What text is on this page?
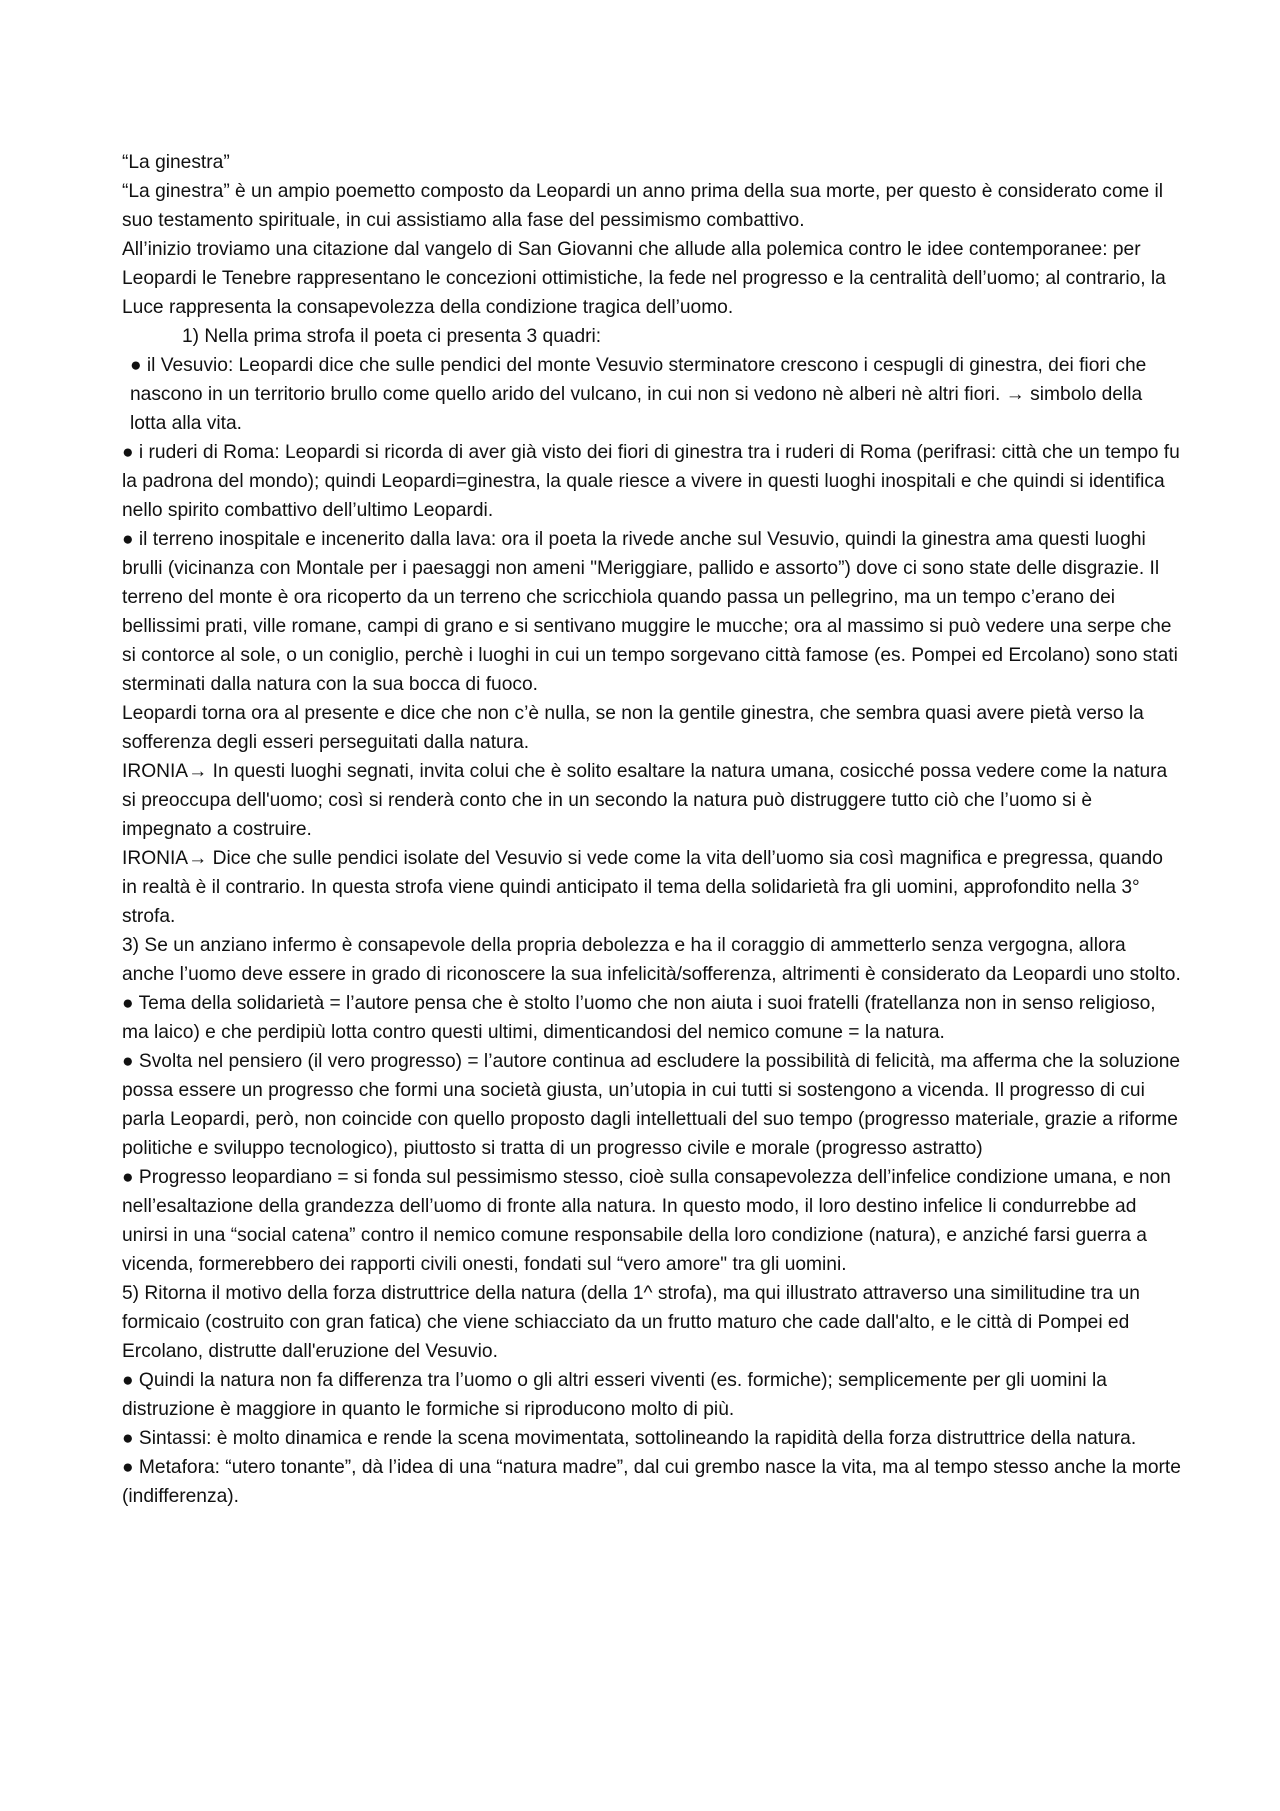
“La ginestra”

“La ginestra” è un ampio poemetto composto da Leopardi un anno prima della sua morte, per questo è considerato come il suo testamento spirituale, in cui assistiamo alla fase del pessimismo combattivo.

All’inizio troviamo una citazione dal vangelo di San Giovanni che allude alla polemica contro le idee contemporanee: per Leopardi le Tenebre rappresentano le concezioni ottimistiche, la fede nel progresso e la centralità dell’uomo; al contrario, la Luce rappresenta la consapevolezza della condizione tragica dell’uomo.

1) Nella prima strofa il poeta ci presenta 3 quadri:

● il Vesuvio: Leopardi dice che sulle pendici del monte Vesuvio sterminatore crescono i cespugli di ginestra, dei fiori che nascono in un territorio brullo come quello arido del vulcano, in cui non si vedono nè alberi nè altri fiori. → simbolo della lotta alla vita.

● i ruderi di Roma: Leopardi si ricorda di aver già visto dei fiori di ginestra tra i ruderi di Roma (perifrasi: città che un tempo fu la padrona del mondo); quindi Leopardi=ginestra, la quale riesce a vivere in questi luoghi inospitali e che quindi si identifica nello spirito combattivo dell’ultimo Leopardi.

● il terreno inospitale e incenerito dalla lava: ora il poeta la rivede anche sul Vesuvio, quindi la ginestra ama questi luoghi brulli (vicinanza con Montale per i paesaggi non ameni "Meriggiare, pallido e assorto”) dove ci sono state delle disgrazie. Il terreno del monte è ora ricoperto da un terreno che scricchiola quando passa un pellegrino, ma un tempo c’erano dei bellissimi prati, ville romane, campi di grano e si sentivano muggire le mucche; ora al massimo si può vedere una serpe che si contorce al sole, o un coniglio, perchè i luoghi in cui un tempo sorgevano città famose (es. Pompei ed Ercolano) sono stati sterminati dalla natura con la sua bocca di fuoco.

Leopardi torna ora al presente e dice che non c’è nulla, se non la gentile ginestra, che sembra quasi avere pietà verso la sofferenza degli esseri perseguitati dalla natura.

IRONIA→ In questi luoghi segnati, invita colui che è solito esaltare la natura umana, cosicché possa vedere come la natura si preoccupa dell'uomo; così si renderà conto che in un secondo la natura può distruggere tutto ciò che l’uomo si è impegnato a costruire.

IRONIA→ Dice che sulle pendici isolate del Vesuvio si vede come la vita dell’uomo sia così magnifica e pregressa, quando in realtà è il contrario. In questa strofa viene quindi anticipato il tema della solidarietà fra gli uomini, approfondito nella 3° strofa.

3) Se un anziano infermo è consapevole della propria debolezza e ha il coraggio di ammetterlo senza vergogna, allora anche l’uomo deve essere in grado di riconoscere la sua infelicità/sofferenza, altrimenti è considerato da Leopardi uno stolto.

● Tema della solidarietà = l’autore pensa che è stolto l’uomo che non aiuta i suoi fratelli (fratellanza non in senso religioso, ma laico) e che perdipiù lotta contro questi ultimi, dimenticandosi del nemico comune = la natura.

● Svolta nel pensiero (il vero progresso) = l’autore continua ad escludere la possibilità di felicità, ma afferma che la soluzione possa essere un progresso che formi una società giusta, un’utopia in cui tutti si sostengono a vicenda. Il progresso di cui parla Leopardi, però, non coincide con quello proposto dagli intellettuali del suo tempo (progresso materiale, grazie a riforme politiche e sviluppo tecnologico), piuttosto si tratta di un progresso civile e morale (progresso astratto)

● Progresso leopardiano = si fonda sul pessimismo stesso, cioè sulla consapevolezza dell’infelice condizione umana, e non nell’esaltazione della grandezza dell’uomo di fronte alla natura. In questo modo, il loro destino infelice li condurrebbe ad unirsi in una “social catena” contro il nemico comune responsabile della loro condizione (natura), e anziché farsi guerra a vicenda, formerebbero dei rapporti civili onesti, fondati sul “vero amore" tra gli uomini.

5) Ritorna il motivo della forza distruttrice della natura (della 1^ strofa), ma qui illustrato attraverso una similitudine tra un formicaio (costruito con gran fatica) che viene schiacciato da un frutto maturo che cade dall'alto, e le città di Pompei ed Ercolano, distrutte dall'eruzione del Vesuvio.

● Quindi la natura non fa differenza tra l’uomo o gli altri esseri viventi (es. formiche); semplicemente per gli uomini la distruzione è maggiore in quanto le formiche si riproducono molto di più.

● Sintassi: è molto dinamica e rende la scena movimentata, sottolineando la rapidità della forza distruttrice della natura.

● Metafora: “utero tonante”, dà l’idea di una “natura madre”, dal cui grembo nasce la vita, ma al tempo stesso anche la morte (indifferenza).
